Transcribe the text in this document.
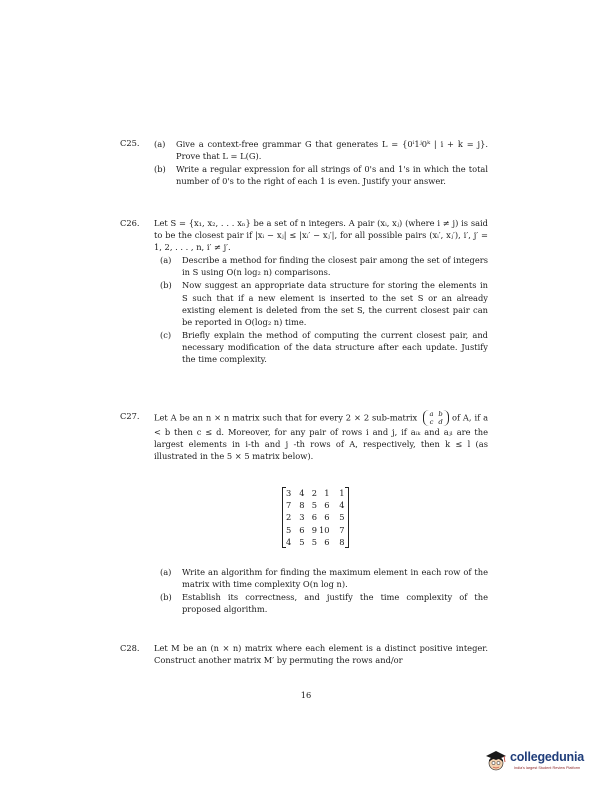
C25. (a) Give a context-free grammar G that generates L = {0ⁱ1ʲ0ᵏ | i + k = j}. Prove that L = L(G).
(b) Write a regular expression for all strings of 0's and 1's in which the total number of 0's to the right of each 1 is even. Justify your answer.
C26. Let S = {x₁, x₂, . . . xₙ} be a set of n integers. A pair (xᵢ, xⱼ) (where i ≠ j) is said to be the closest pair if |xᵢ − xⱼ| ≤ |xᵢ′ − xⱼ′|, for all possible pairs (xᵢ′, xⱼ′), i′, j′ = 1, 2, . . . , n, i′ ≠ j′.
(a) Describe a method for finding the closest pair among the set of integers in S using O(n log₂ n) comparisons.
(b) Now suggest an appropriate data structure for storing the elements in S such that if a new element is inserted to the set S or an already existing element is deleted from the set S, the current closest pair can be reported in O(log₂ n) time.
(c) Briefly explain the method of computing the current closest pair, and necessary modification of the data structure after each update. Justify the time complexity.
C27. Let A be an n × n matrix such that for every 2 × 2 sub-matrix a b
c d of A, if a < b then c ≤ d. Moreover, for any pair of rows i and j, if aᵢₖ and aⱼₗ are the largest elements in i-th and j -th rows of A, respectively, then k ≤ l (as illustrated in the 5 × 5 matrix below).
3 4 2 1	1
7 8 5 6	4
2 3 6 6	5
5 6 9 10	7
4 5 5 6	8
(a) Write an algorithm for finding the maximum element in each row of the matrix with time complexity O(n log n).
(b) Establish its correctness, and justify the time complexity of the proposed algorithm.
C28. Let M be an (n × n) matrix where each element is a distinct positive integer. Construct another matrix M′ by permuting the rows and/or
16
collegedunia
India's largest Student Review Platform
